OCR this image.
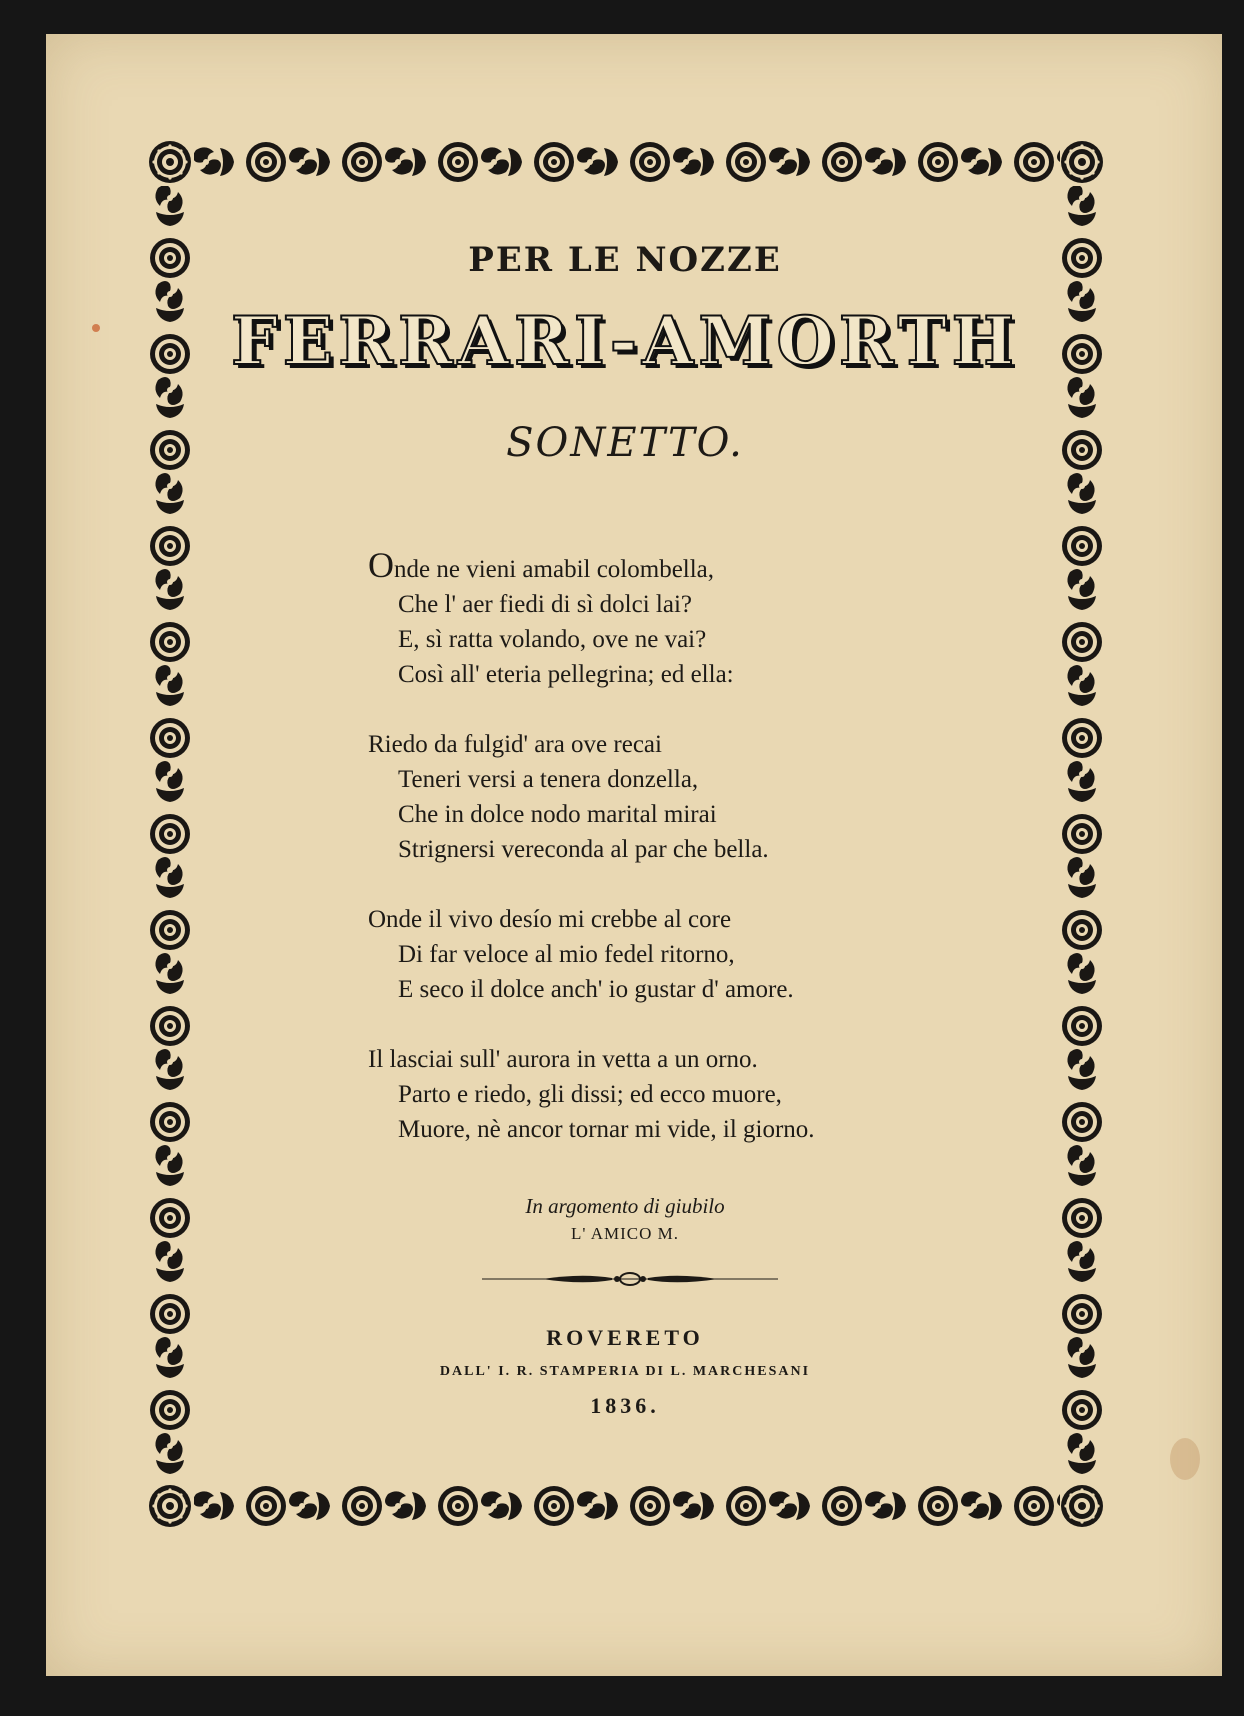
PER LE NOZZE
FERRARI-AMORTH
SONETTO.
Onde ne vieni amabil colombella,
Che l' aer fiedi di sì dolci lai?
E, sì ratta volando, ove ne vai?
Così all' eteria pellegrina; ed ella:
Riedo da fulgid' ara ove recai
Teneri versi a tenera donzella,
Che in dolce nodo marital mirai
Strignersi vereconda al par che bella.
Onde il vivo desío mi crebbe al core
Di far veloce al mio fedel ritorno,
E seco il dolce anch' io gustar d' amore.
Il lasciai sull' aurora in vetta a un orno.
Parto e riedo, gli dissi; ed ecco muore,
Muore, nè ancor tornar mi vide, il giorno.
In argomento di giubilo
L' AMICO M.
ROVERETO
DALL' I. R. STAMPERIA DI L. MARCHESANI
1836.
